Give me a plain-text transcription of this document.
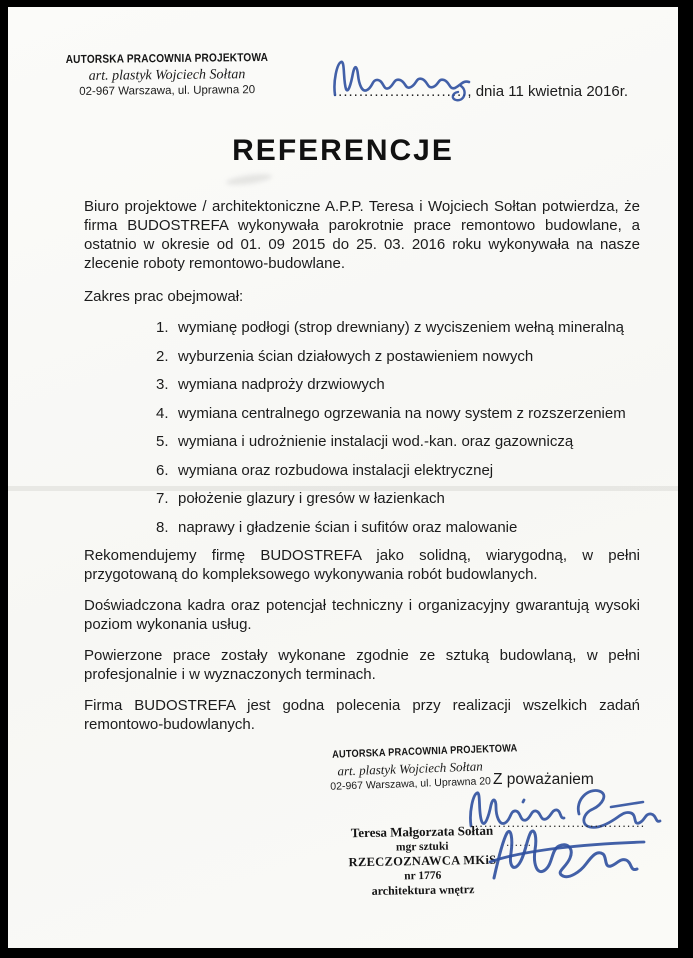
AUTORSKA PRACOWNIA PROJEKTOWA
art. plastyk Wojciech Sołtan
02-967 Warszawa, ul. Uprawna 20	.........................., dnia 11 kwietnia 2016r.
REFERENCJE

Biuro projektowe / architektoniczne A.P.P. Teresa i Wojciech Sołtan potwierdza, że firma BUDOSTREFA wykonywała parokrotnie prace remontowo budowlane, a ostatnio w okresie od 01. 09 2015 do 25. 03. 2016 roku wykonywała na nasze zlecenie roboty remontowo-budowlane.

Zakres prac obejmował:

1. wymianę podłogi (strop drewniany) z wyciszeniem wełną mineralną
2. wyburzenia ścian działowych z postawieniem nowych
3. wymiana nadproży drzwiowych
4. wymiana centralnego ogrzewania na nowy system z rozszerzeniem
5. wymiana i udrożnienie instalacji wod.-kan. oraz gazowniczą
6. wymiana oraz rozbudowa instalacji elektrycznej
7. położenie glazury i gresów w łazienkach
8. naprawy i gładzenie ścian i sufitów oraz malowanie

Rekomendujemy firmę BUDOSTREFA jako solidną, wiarygodną, w pełni przygotowaną do kompleksowego wykonywania robót budowlanych.

Doświadczona kadra oraz potencjał techniczny i organizacyjny gwarantują wysoki poziom wykonania usług.

Powierzone prace zostały wykonane zgodnie ze sztuką budowlaną, w pełni profesjonalnie i w wyznaczonych terminach.

Firma BUDOSTREFA jest godna polecenia przy realizacji wszelkich zadań remontowo-budowlanych.

AUTORSKA PRACOWNIA PROJEKTOWA
art. plastyk Wojciech Sołtan
02-967 Warszawa, ul. Uprawna 20 Z poważaniem
......................................
Teresa Małgorzata Sołtan
mgr sztuki
RZECZOZNAWCA MKiS
nr 1776
architektura wnętrz
......
